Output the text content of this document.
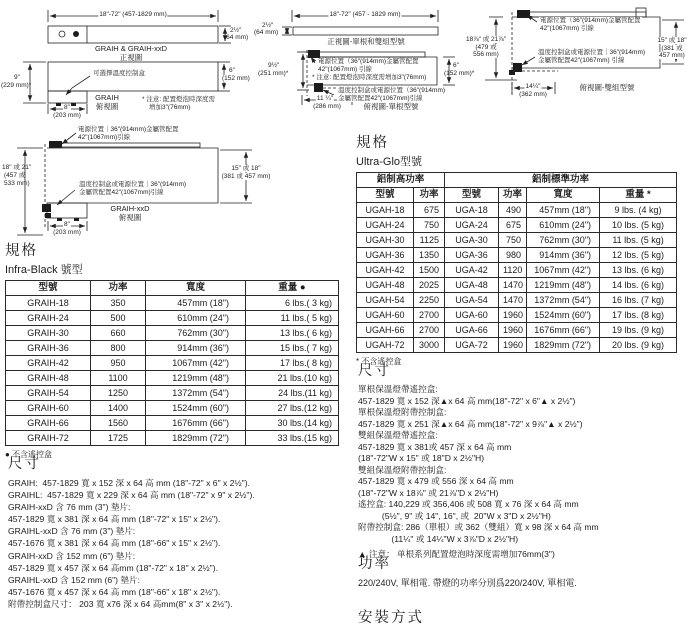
18"-72" (457-1829 mm)
2½"
(64 mm)
GRAIH & GRAIH-xxD
正視圖
9"
(229 mm)*
可選擇溫度控制盒
GRAIH
俯視圖
6"
(152 mm)
* 注意: 配置燈泡時深度需
增加3"(76mm)
8"
(203 mm)
電源位置｜36"(914mm)金屬管配置
42"(1067mm)引線
18" 或 21"
(457 或
533 mm)	溫度控制盒或電源位置｜36"(914mm)
金屬管配置42"(1067mm)引線
GRAIH-xxD
俯視圖
8"
(203 mm)
15" 或 18"
(381 或 457 mm)
18"-72" (457 - 1829 mm)
2½"
(64 mm)
正視圖-單根和雙組型號
9½"
(251 mm)*
電源位置（36"(914mm)金屬管配置
42"(1067mm) 引線
* 注意: 配置燈泡時深度需增加3"(76mm)
溫度控制盒或電源位置（36"(914mm)
金屬管配置42"(1067mm)引線
11 ¼"
(286 mm)	俯視圖-單根型號
6"
(152 mm)*
電源位置（36"(914mm)金屬管配置
42"(1067mm) 引線
18⅞" 或 21⅞"
(479 或
556 mm)	溫度控制盒或電源位置｜36"(914mm)
金屬管配置42"(1067mm) 引線
15" 或 18"
(381 或
457 mm)
14¼"
(362 mm)
俯視圖-雙組型號
規格
Ultra-Glo型號
鋁制高功率		鋁制標準功率			
型號	功率	型號	功率	寬度	重量 *
UGAH-18	675	UGA-18	490	457mm (18")	9 lbs. (4 kg)
UGAH-24	750	UGA-24	675	610mm (24")	10 lbs. (5 kg)
UGAH-30	1125	UGA-30	750	762mm (30")	11 lbs. (5 kg)
UGAH-36	1350	UGA-36	980	914mm (36")	12 lbs. (5 kg)
UGAH-42	1500	UGA-42	1120	1067mm (42")	13 lbs. (6 kg)
UGAH-48	2025	UGA-48	1470	1219mm (48")	14 lbs. (6 kg)
UGAH-54	2250	UGA-54	1470	1372mm (54")	16 lbs. (7 kg)
UGAH-60	2700	UGA-60	1960	1524mm (60")	17 lbs. (8 kg)
UGAH-66	2700	UGA-66	1960	1676mm (66")	19 lbs. (9 kg)
UGAH-72	3000	UGA-72	1960	1829mm (72")	20 lbs. (9 kg)
* 不含遙控盒
規格
Infra-Black 號型
型號	功率	寬度	重量 ●
GRAIH-18	350	457mm (18")	6 lbs.( 3 kg)
GRAIH-24	500	610mm (24")	11 lbs.( 5 kg)
GRAIH-30	660	762mm (30")	13 lbs.( 6 kg)
GRAIH-36	800	914mm (36")	15 lbs.( 7 kg)
GRAIH-42	950	1067mm (42")	17 lbs.( 8 kg)
GRAIH-48	1100	1219mm (48")	21 lbs.(10 kg)
GRAIH-54	1250	1372mm (54")	24 lbs.(11 kg)
GRAIH-60	1400	1524mm (60")	27 lbs.(12 kg)
GRAIH-66	1560	1676mm (66")	30 lbs.(14 kg)
GRAIH-72	1725	1829mm (72")	33 lbs.(15 kg)
● 不含遙控盒
尺寸
單根保溫燈帶遙控盒:
457-1829 寬 x 152 深▲x 64 高 mm(18"-72" x 6"▲ x 2½")
單根保溫燈附帶控制盒:
457-1829 寬 x 251 深▲x 64 高 mm(18"-72" x 9⅞"▲ x 2½")
雙組保溫燈帶遙控盒:
457-1829 寬 x 381或 457 深 x 64 高 mm
(18"-72"W x 15" 或 18"D x 2½"H)
雙組保溫燈附帶控制盒:
457-1829 寬 x 479 或 556 深 x 64 高 mm
(18"-72"W x 18⅞" 或 21⅞"D x 2½"H)
遙控盒: 140,229 或 356,406 或 508 寬 x 76 深 x 64 高 mm
(5½", 9" 或 14", 16", 或  20"W x 3"D x 2½"H)
附帶控制盒: 286（單根）或 362（雙組）寬 x 98 深 x 64 高 mm
(11¼" 或 14¼"W x 3⅞"D x 2½"H)
▲ 注意： 单根系列配置燈泡時深度需增加76mm(3")
尺寸
GRAIH:  457-1829 寬 x 152 深 x 64 高 mm (18"-72" x 6" x 2½").
GRAIHL:  457-1829 寬 x 229 深 x 64 高 mm (18"-72" x 9" x 2½").
GRAIH-xxD 含 76 mm (3") 墊片:
457-1829 寬 x 381 深 x 64 高 mm (18"-72" x 15" x 2½").
GRAIHL-xxD 含 76 mm (3") 墊片:
457-1676 寬 x 381 深 x 64 高 mm (18"-66" x 15" x 2½").
GRAIH-xxD 含 152 mm (6") 墊片:
457-1829 寬 x 457 深 x 64 高mm (18"-72" x 18" x 2½").
GRAIHL-xxD 含 152 mm (6") 墊片:
457-1676 寬 x 457 深 x 64 高 mm (18"-66" x 18" x 2½").
附帶控制盒尺寸： 203 寬 x76 深 x 64 高mm(8" x 3" x 2½").
功率
220/240V, 單相電. 帶燈的功率分別爲220/240V, 單相電.
安裝方式
